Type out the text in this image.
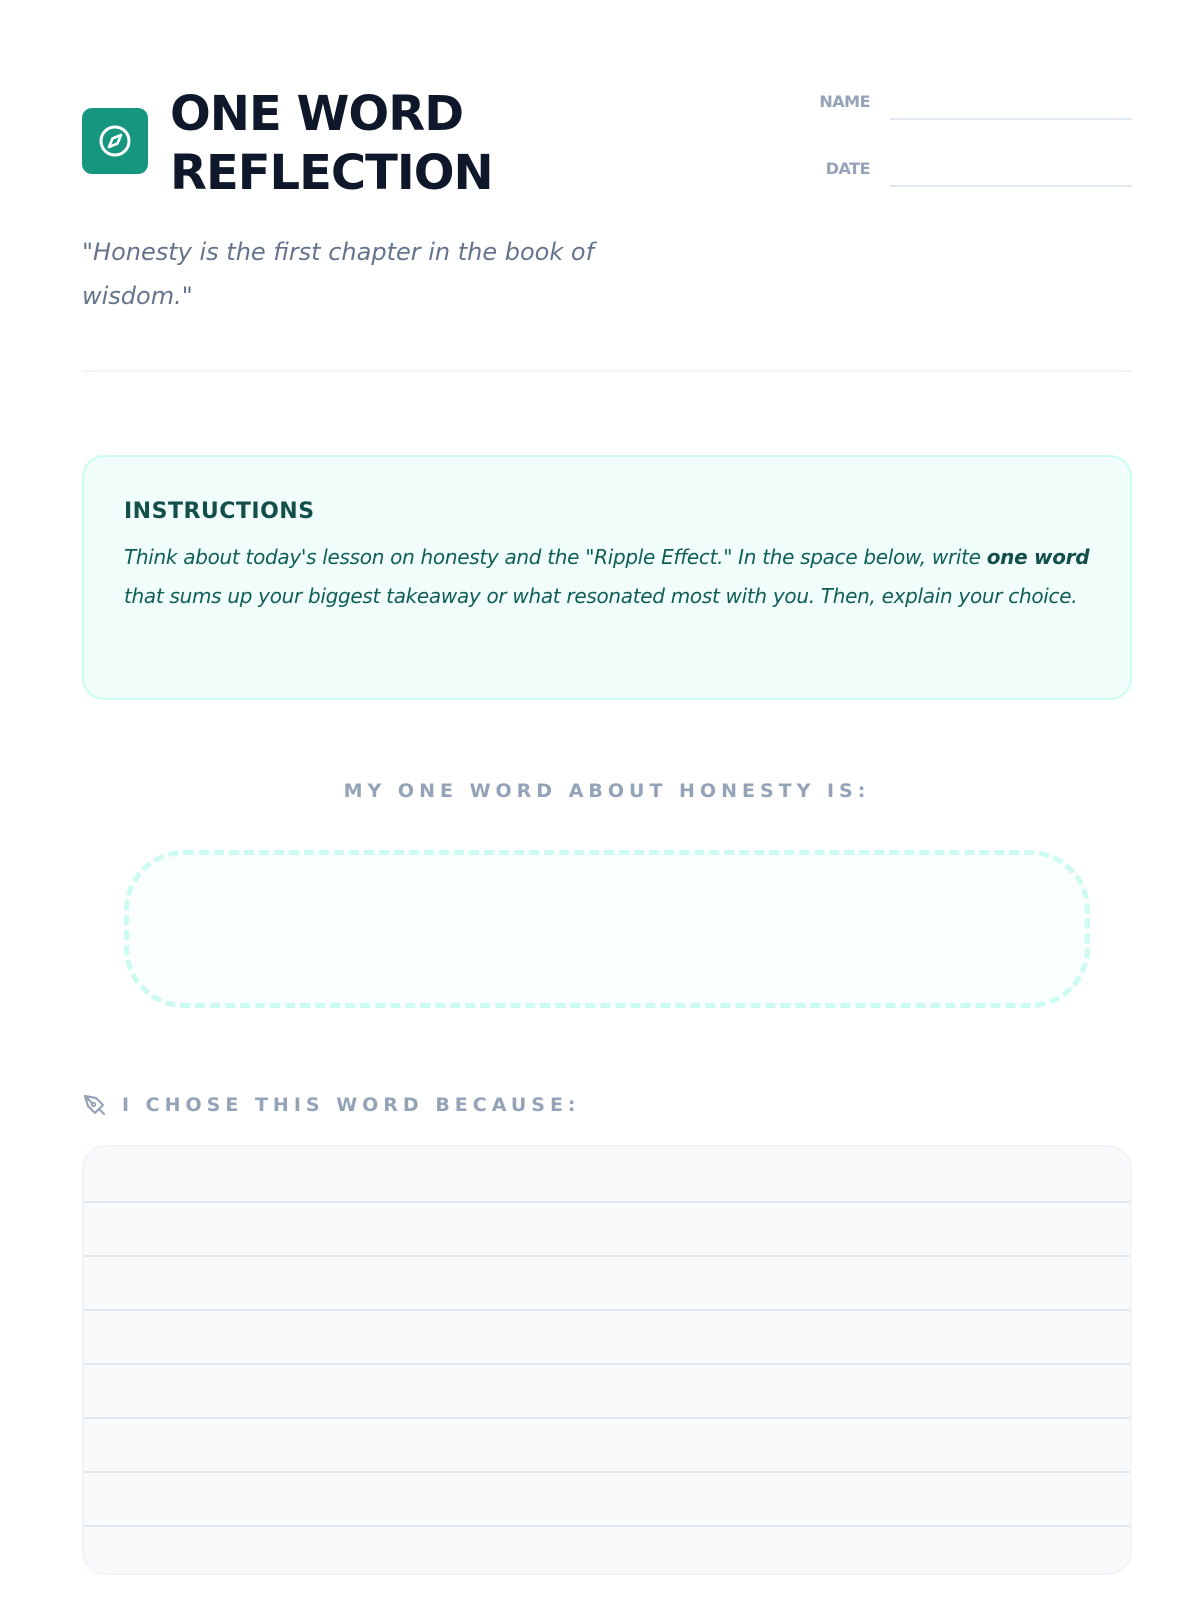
ONE WORD
REFLECTION
NAME
DATE
"Honesty is the first chapter in the book of wisdom."
INSTRUCTIONS
Think about today's lesson on honesty and the "Ripple Effect." In the space below, write one word that sums up your biggest takeaway or what resonated most with you. Then, explain your choice.
MY ONE WORD ABOUT HONESTY IS:
I CHOSE THIS WORD BECAUSE:
